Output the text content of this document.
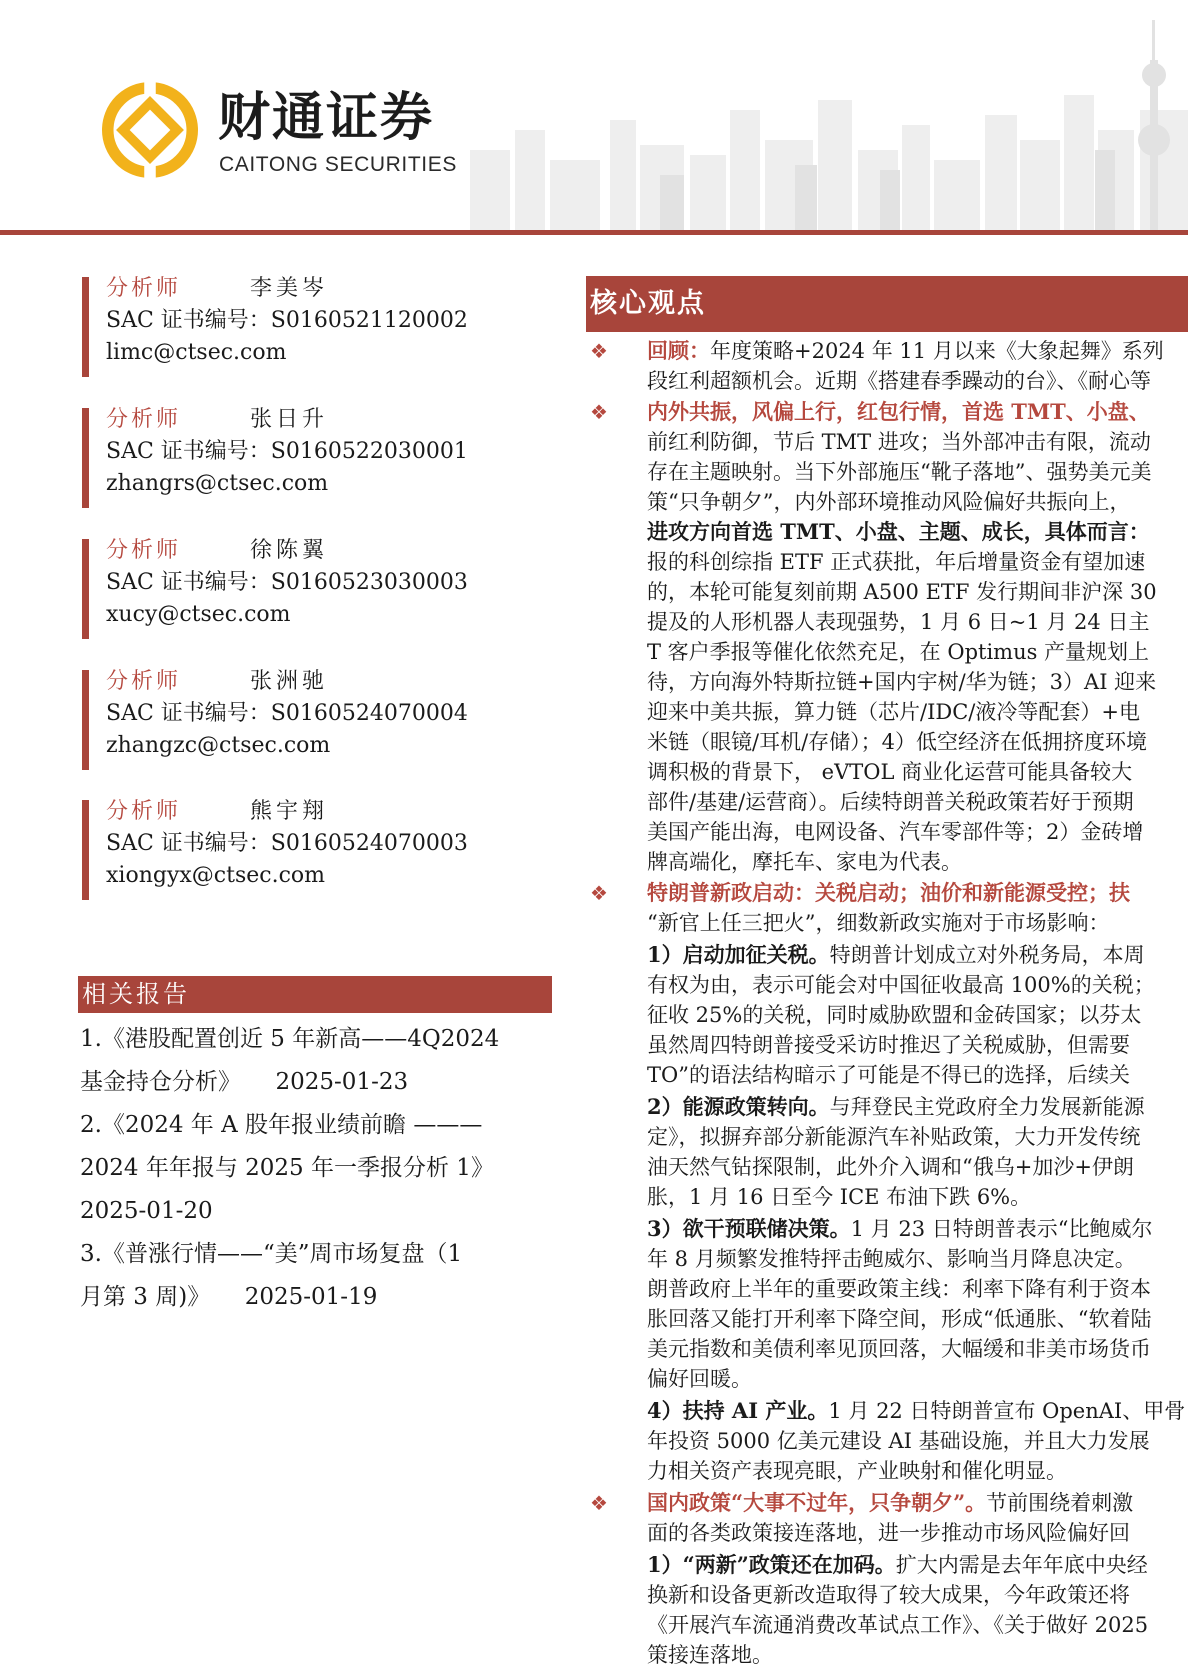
财通证券
CAITONG SECURITIES
分析师	李美岑
SAC 证书编号：S0160521120002
limc@ctsec.com
分析师	张日升
SAC 证书编号：S0160522030001
zhangrs@ctsec.com
分析师	徐陈翼
SAC 证书编号：S0160523030003
xucy@ctsec.com
分析师	张洲驰
SAC 证书编号：S0160524070004
zhangzc@ctsec.com
分析师	熊宇翔
SAC 证书编号：S0160524070003
xiongyx@ctsec.com
相关报告

1.《港股配置创近 5 年新高——4Q2024

基金持仓分析》　　2025-01-23

2.《2024 年 A 股年报业绩前瞻 ———

2024 年年报与 2025 年一季报分析 1》

2025-01-20

3.《普涨行情——“美”周市场复盘（1

月第 3 周)》　　2025-01-19

核心观点
❖ 回顾：年度策略+2024 年 11 月以来《大象起舞》系列
段红利超额机会。近期《搭建春季躁动的台》、《耐心等
❖ 内外共振，风偏上行，红包行情，首选 TMT、小盘、
前红利防御，节后 TMT 进攻；当外部冲击有限，流动
存在主题映射。当下外部施压“靴子落地”、强势美元美
策“只争朝夕”，内外部环境推动风险偏好共振向上，
进攻方向首选 TMT、小盘、主题、成长，具体而言：
报的科创综指 ETF 正式获批，年后增量资金有望加速
的，本轮可能复刻前期 A500 ETF 发行期间非沪深 30
提及的人形机器人表现强势，1 月 6 日~1 月 24 日主
T 客户季报等催化依然充足，在 Optimus 产量规划上
待，方向海外特斯拉链+国内宇树/华为链；3）AI 迎来
迎来中美共振，算力链（芯片/IDC/液冷等配套）+电
米链（眼镜/耳机/存储）；4）低空经济在低拥挤度环境
调积极的背景下， eVTOL 商业化运营可能具备较大
部件/基建/运营商）。后续特朗普关税政策若好于预期
美国产能出海，电网设备、汽车零部件等；2）金砖增
牌高端化，摩托车、家电为代表。
❖ 特朗普新政启动：关税启动；油价和新能源受控；扶
“新官上任三把火”，细数新政实施对于市场影响：
1）启动加征关税。特朗普计划成立对外税务局，本周
有权为由，表示可能会对中国征收最高 100%的关税；
征收 25%的关税，同时威胁欧盟和金砖国家；以芬太
虽然周四特朗普接受采访时推迟了关税威胁，但需要
TO”的语法结构暗示了可能是不得已的选择，后续关
2）能源政策转向。与拜登民主党政府全力发展新能源
定》，拟摒弃部分新能源汽车补贴政策，大力开发传统
油天然气钻探限制，此外介入调和“俄乌+加沙+伊朗
胀，1 月 16 日至今 ICE 布油下跌 6%。
3）欲干预联储决策。1 月 23 日特朗普表示“比鲍威尔
年 8 月频繁发推特抨击鲍威尔、影响当月降息决定。
朗普政府上半年的重要政策主线：利率下降有利于资本
胀回落又能打开利率下降空间，形成“低通胀、“软着陆
美元指数和美债利率见顶回落，大幅缓和非美市场货币
偏好回暖。
4）扶持 AI 产业。1 月 22 日特朗普宣布 OpenAI、甲骨
年投资 5000 亿美元建设 AI 基础设施，并且大力发展
力相关资产表现亮眼，产业映射和催化明显。
❖ 国内政策“大事不过年，只争朝夕”。节前围绕着刺激
面的各类政策接连落地，进一步推动市场风险偏好回
1）“两新”政策还在加码。扩大内需是去年年底中央经
换新和设备更新改造取得了较大成果，今年政策还将
《开展汽车流通消费改革试点工作》、《关于做好 2025
策接连落地。
